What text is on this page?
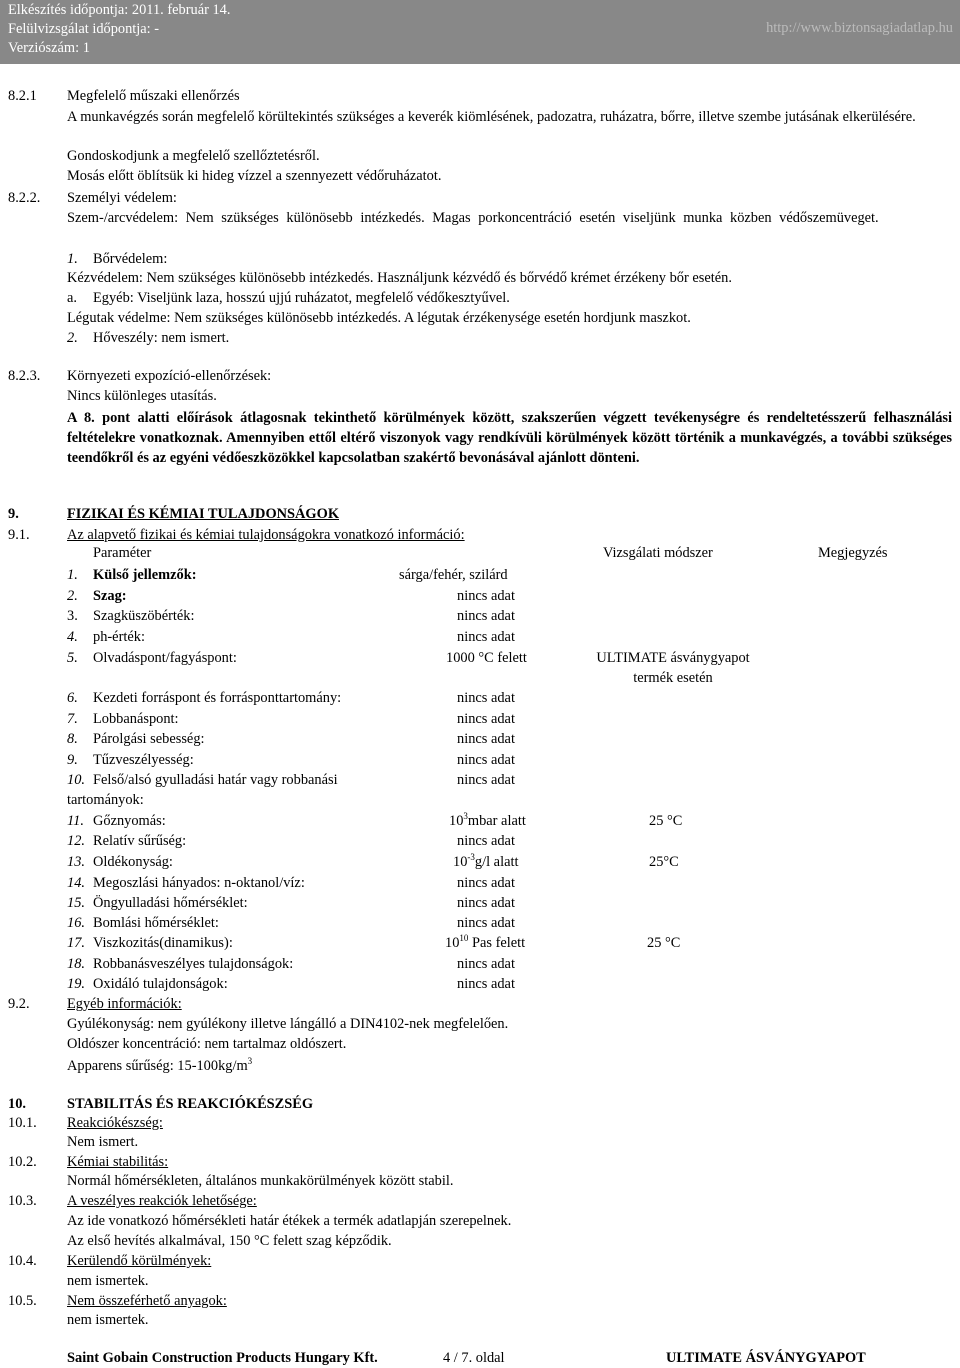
Elkészítés időpontja: 2011. február 14.
Felülvizsgálat időpontja: -
Verziószám: 1
http://www.biztonsagiadatlap.hu
8.2.1 Megfelelő műszaki ellenőrzés
A munkavégzés során megfelelő körültekintés szükséges a keverék kiömlésének, padozatra, ruházatra, bőrre, illetve szembe jutásának elkerülésére.
Gondoskodjunk a megfelelő szellőztetésről.
Mosás előtt öblítsük ki hideg vízzel a szennyezett védőruházatot.
8.2.2. Személyi védelem:
Szem-/arcvédelem: Nem szükséges különösebb intézkedés. Magas porkoncentráció esetén viseljünk munka közben védőszemüveget.
1. Bőrvédelem:
Kézvédelem: Nem szükséges különösebb intézkedés. Használjunk kézvédő és bőrvédő krémet érzékeny bőr esetén.
a. Egyéb: Viseljünk laza, hosszú ujjú ruházatot, megfelelő védőkesztyűvel.
Légutak védelme: Nem szükséges különösebb intézkedés. A légutak érzékenysége esetén hordjunk maszkot.
2. Hőveszély: nem ismert.
8.2.3. Környezeti expozíció-ellenőrzések:
Nincs különleges utasítás.
A 8. pont alatti előírások átlagosnak tekinthető körülmények között, szakszerűen végzett tevékenységre és rendeltetésszerű felhasználási feltételekre vonatkoznak. Amennyiben ettől eltérő viszonyok vagy rendkívüli körülmények között történik a munkavégzés, a további szükséges teendőkről és az egyéni védőeszközökkel kapcsolatban szakértő bevonásával ajánlott dönteni.
9.	FIZIKAI ÉS KÉMIAI TULAJDONSÁGOK
9.1.	Az alapvető fizikai és kémiai tulajdonságokra vonatkozó információ:
Paraméter	Vizsgálati módszer	Megjegyzés
1. Külső jellemzők:	sárga/fehér, szilárd
2. Szag:	nincs adat
3. Szagküszöbérték:	nincs adat
4. ph-érték:	nincs adat
5. Olvadáspont/fagyáspont:	1000 °C felett	ULTIMATE ásványgyapot
termék esetén
6. Kezdeti forráspont és forrásponttartomány:	nincs adat
7. Lobbanáspont:	nincs adat
8. Párolgási sebesség:	nincs adat
9. Tűzveszélyesség:	nincs adat
10. Felső/alsó gyulladási határ vagy robbanási	nincs adat
tartományok:
11. Gőznyomás:	$10^3mbar$ alatt	25 °C
12. Relatív sűrűség:	nincs adat
13. Oldékonyság:	$10^{-3}g/l$ alatt	25°C
14. Megoszlási hányados: n-oktanol/víz:	nincs adat
15. Öngyulladási hőmérséklet:	nincs adat
16. Bomlási hőmérséklet:	nincs adat
17. Viszkozitás(dinamikus):	$10^{10}$ Pas felett	25 °C
18. Robbanásveszélyes tulajdonságok:	nincs adat
19. Oxidáló tulajdonságok:	nincs adat
9.2.	Egyéb információk:
Gyúlékonyság: nem gyúlékony illetve lángálló a DIN4102-nek megfelelően.
Oldószer koncentráció: nem tartalmaz oldószert.
Apparens sűrűség: $15-100kg/m^3$
10.	STABILITÁS ÉS REAKCIÓKÉSZSÉG
10.1. Reakciókészség:
Nem ismert.
10.2. Kémiai stabilitás:
Normál hőmérsékleten, általános munkakörülmények között stabil.
10.3. A veszélyes reakciók lehetősége:
Az ide vonatkozó hőmérsékleti határ étékek a termék adatlapján szerepelnek.
Az első hevítés alkalmával, 150 °C felett szag képződik.
10.4. Kerülendő körülmények:
nem ismertek.
10.5. Nem összeférhető anyagok:
nem ismertek.
Saint Gobain Construction Products Hungary Kft.	4 / 7. oldal	ULTIMATE ÁSVÁNYGYAPOT
